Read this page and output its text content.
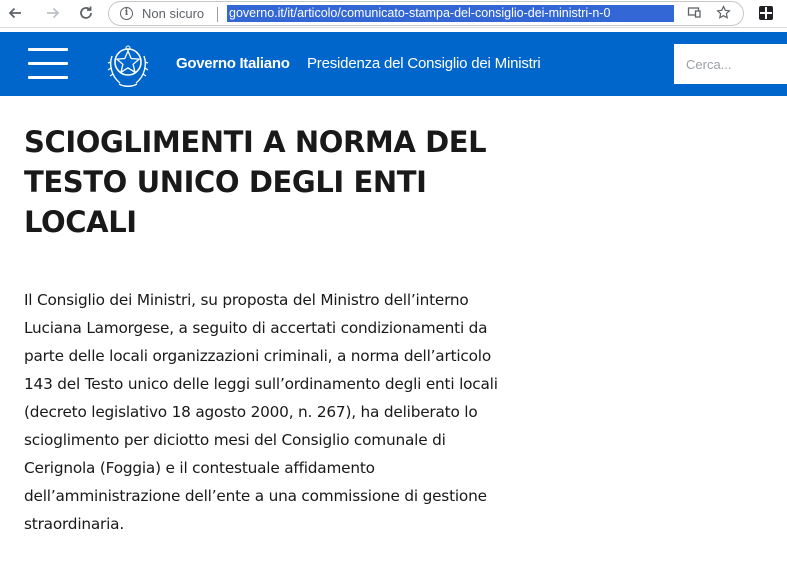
i	Non sicuro governo.it/it/articolo/comunicato-stampa-del-consiglio-dei-ministri-n-0
Governo Italiano Presidenza del Consiglio dei Ministri
Cerca...
SCIOGLIMENTI A NORMA DEL TESTO UNICO DEGLI ENTI LOCALI

Il Consiglio dei Ministri, su proposta del Ministro dell’interno Luciana Lamorgese, a seguito di accertati condizionamenti da parte delle locali organizzazioni criminali, a norma dell’articolo 143 del Testo unico delle leggi sull’ordinamento degli enti locali (decreto legislativo 18 agosto 2000, n. 267), ha deliberato lo scioglimento per diciotto mesi del Consiglio comunale di Cerignola (Foggia) e il contestuale affidamento dell’amministrazione dell’ente a una commissione di gestione straordinaria.
